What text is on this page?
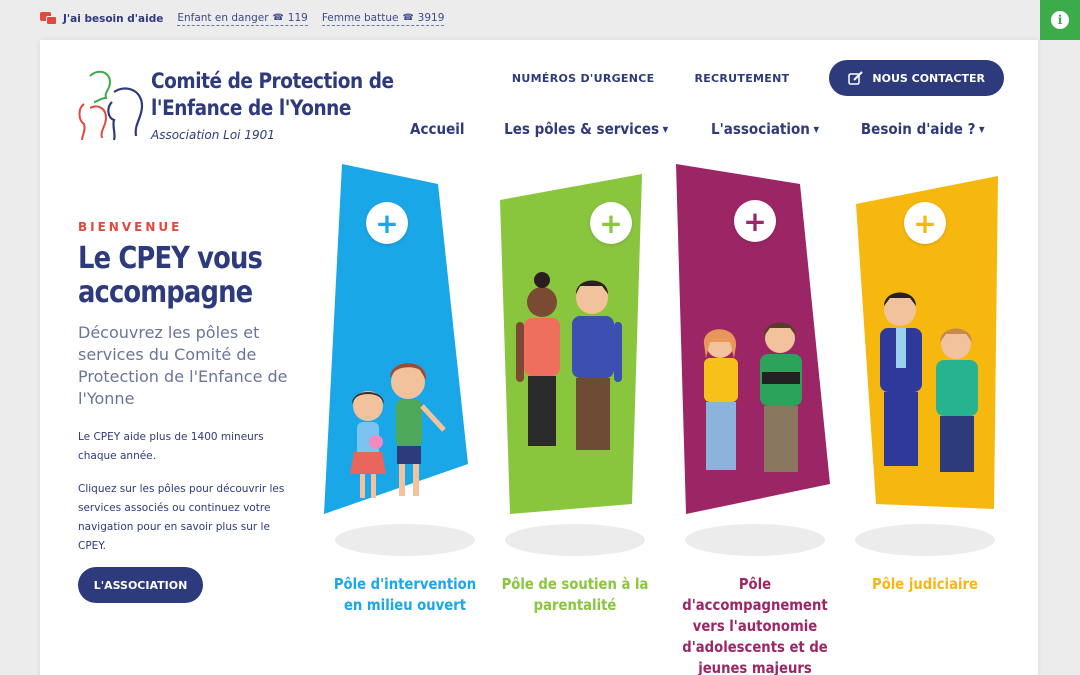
J'ai besoin d'aide Enfant en danger ☎ 119 Femme battue ☎ 3919	i
Comité de Protection de
l'Enfance de l'Yonne
Association Loi 1901
NUMÉROS D'URGENCE	RECRUTEMENT	NOUS CONTACTER
Accueil	Les pôles & services ▼	L'association ▼	Besoin d'aide ? ▼
BIENVENUE
Le CPEY vous accompagne
Découvrez les pôles et services du Comité de Protection de l'Enfance de l'Yonne
Le CPEY aide plus de 1400 mineurs chaque année.
Cliquez sur les pôles pour découvrir les services associés ou continuez votre navigation pour en savoir plus sur le CPEY.
L'ASSOCIATION
+
Pôle d'intervention en milieu ouvert
+
Pôle de soutien à la parentalité
+
Pôle d'accompagnement vers l'autonomie d'adolescents et de jeunes majeurs
+
Pôle judiciaire
